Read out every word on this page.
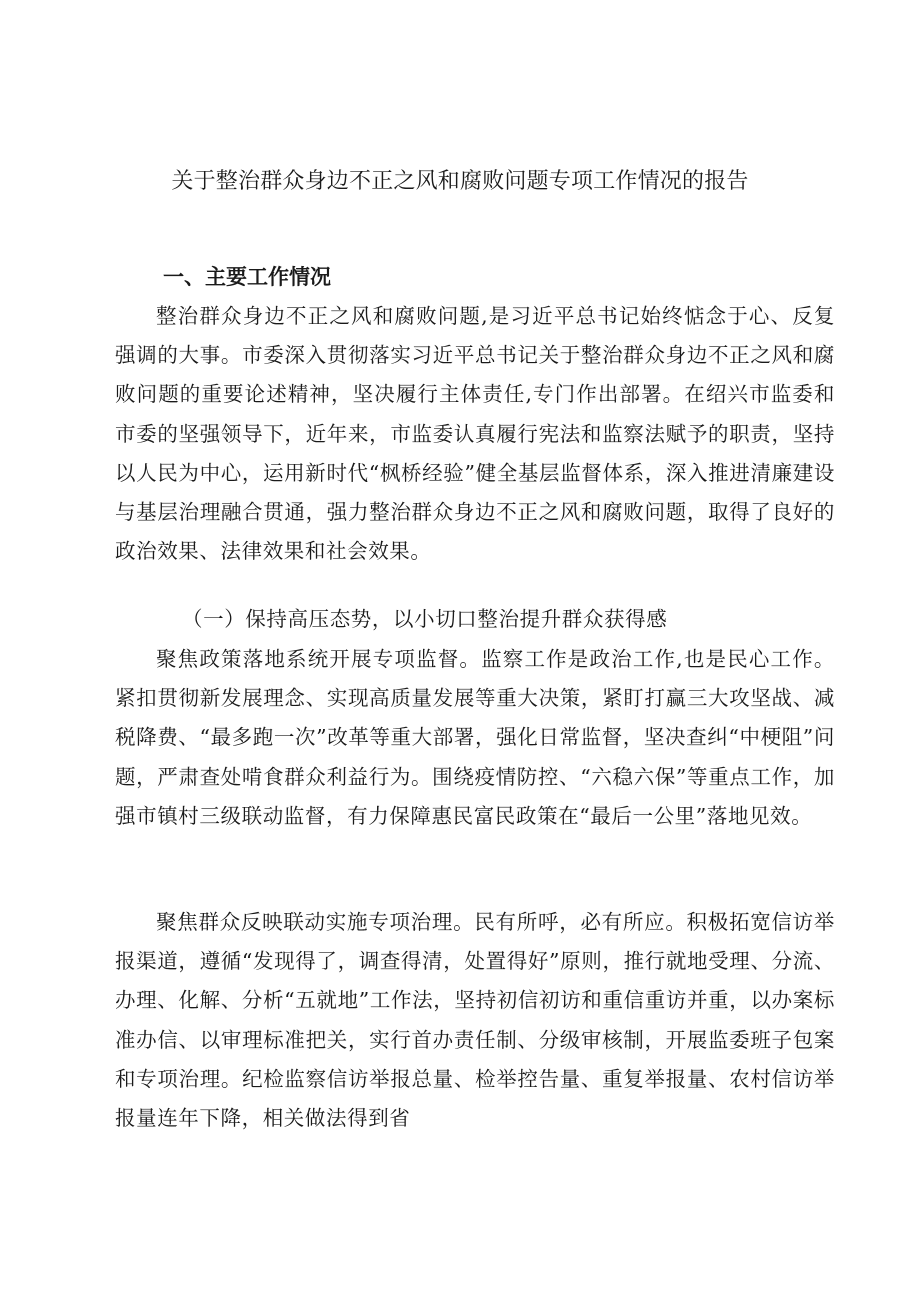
关于整治群众身边不正之风和腐败问题专项工作情况的报告
一、主要工作情况

整治群众身边不正之风和腐败问题,是习近平总书记始终惦念于心、反复强调的大事。市委深入贯彻落实习近平总书记关于整治群众身边不正之风和腐败问题的重要论述精神，坚决履行主体责任,专门作出部署。在绍兴市监委和市委的坚强领导下，近年来，市监委认真履行宪法和监察法赋予的职责，坚持以人民为中心，运用新时代“枫桥经验”健全基层监督体系，深入推进清廉建设与基层治理融合贯通，强力整治群众身边不正之风和腐败问题，取得了良好的政治效果、法律效果和社会效果。

（一）保持高压态势，以小切口整治提升群众获得感

聚焦政策落地系统开展专项监督。监察工作是政治工作,也是民心工作。紧扣贯彻新发展理念、实现高质量发展等重大决策，紧盯打赢三大攻坚战、减税降费、“最多跑一次”改革等重大部署，强化日常监督，坚决查纠“中梗阻”问题，严肃查处啃食群众利益行为。围绕疫情防控、“六稳六保”等重点工作，加强市镇村三级联动监督，有力保障惠民富民政策在“最后一公里”落地见效。

聚焦群众反映联动实施专项治理。民有所呼，必有所应。积极拓宽信访举报渠道，遵循“发现得了，调查得清，处置得好”原则，推行就地受理、分流、办理、化解、分析“五就地”工作法，坚持初信初访和重信重访并重，以办案标准办信、以审理标准把关，实行首办责任制、分级审核制，开展监委班子包案和专项治理。纪检监察信访举报总量、检举控告量、重复举报量、农村信访举报量连年下降，相关做法得到省
